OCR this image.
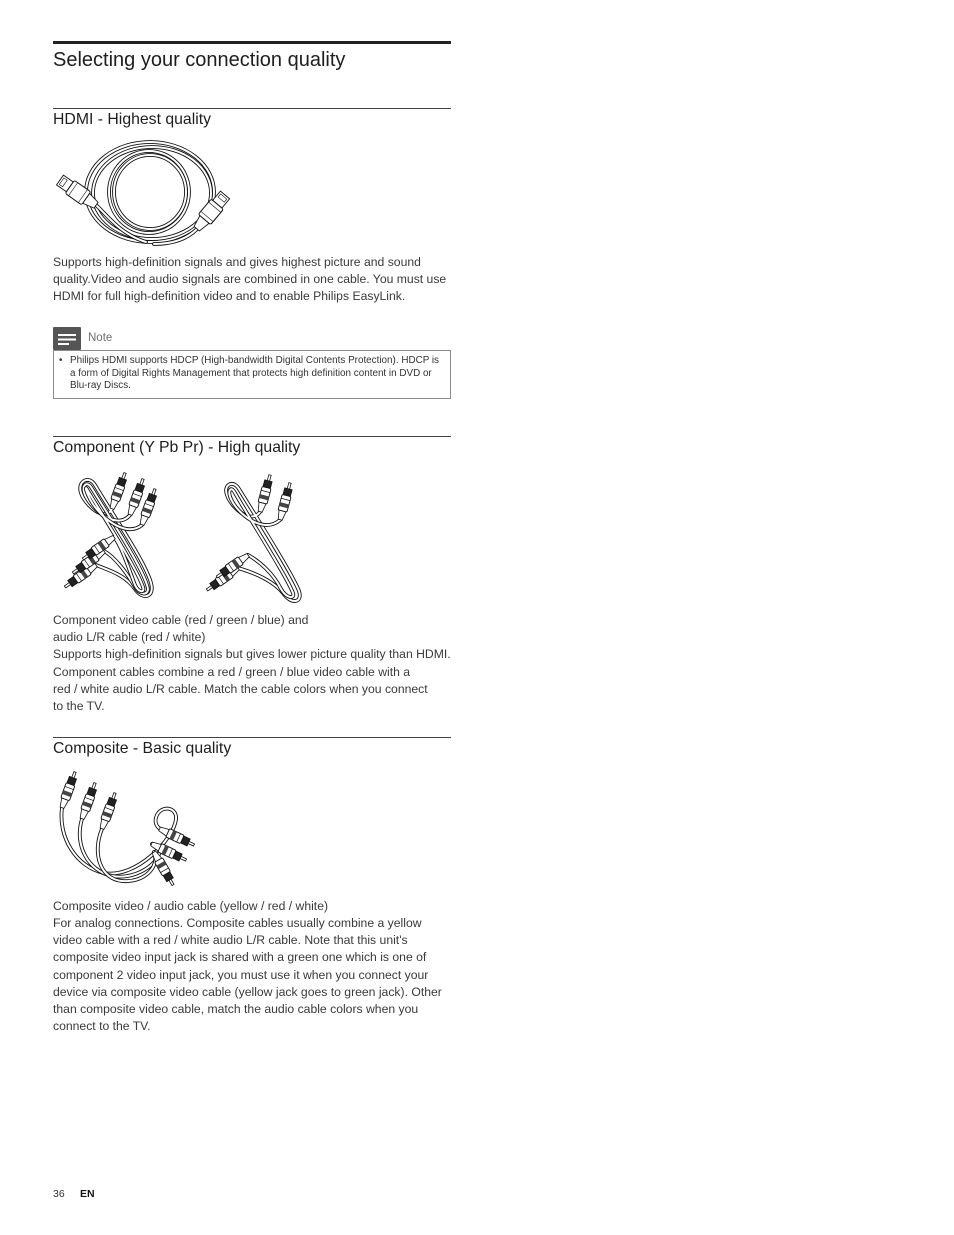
Selecting your connection quality
HDMI - Highest quality
Supports high-definition signals and gives highest picture and sound
quality.Video and audio signals are combined in one cable. You must use
HDMI for full high-definition video and to enable Philips EasyLink.
Note
• Philips HDMI supports HDCP (High-bandwidth Digital Contents Protection). HDCP is
a form of Digital Rights Management that protects high definition content in DVD or
Blu-ray Discs.
Component (Y Pb Pr) - High quality
Component video cable (red / green / blue) and
audio L/R cable (red / white)
Supports high-definition signals but gives lower picture quality than HDMI.
Component cables combine a red / green / blue video cable with a
red / white audio L/R cable. Match the cable colors when you connect
to the TV.
Composite - Basic quality
Composite video / audio cable (yellow / red / white)
For analog connections. Composite cables usually combine a yellow
video cable with a red / white audio L/R cable. Note that this unit's
composite video input jack is shared with a green one which is one of
component 2 video input jack, you must use it when you connect your
device via composite video cable (yellow jack goes to green jack). Other
than composite video cable, match the audio cable colors when you
connect to the TV.
36 EN
